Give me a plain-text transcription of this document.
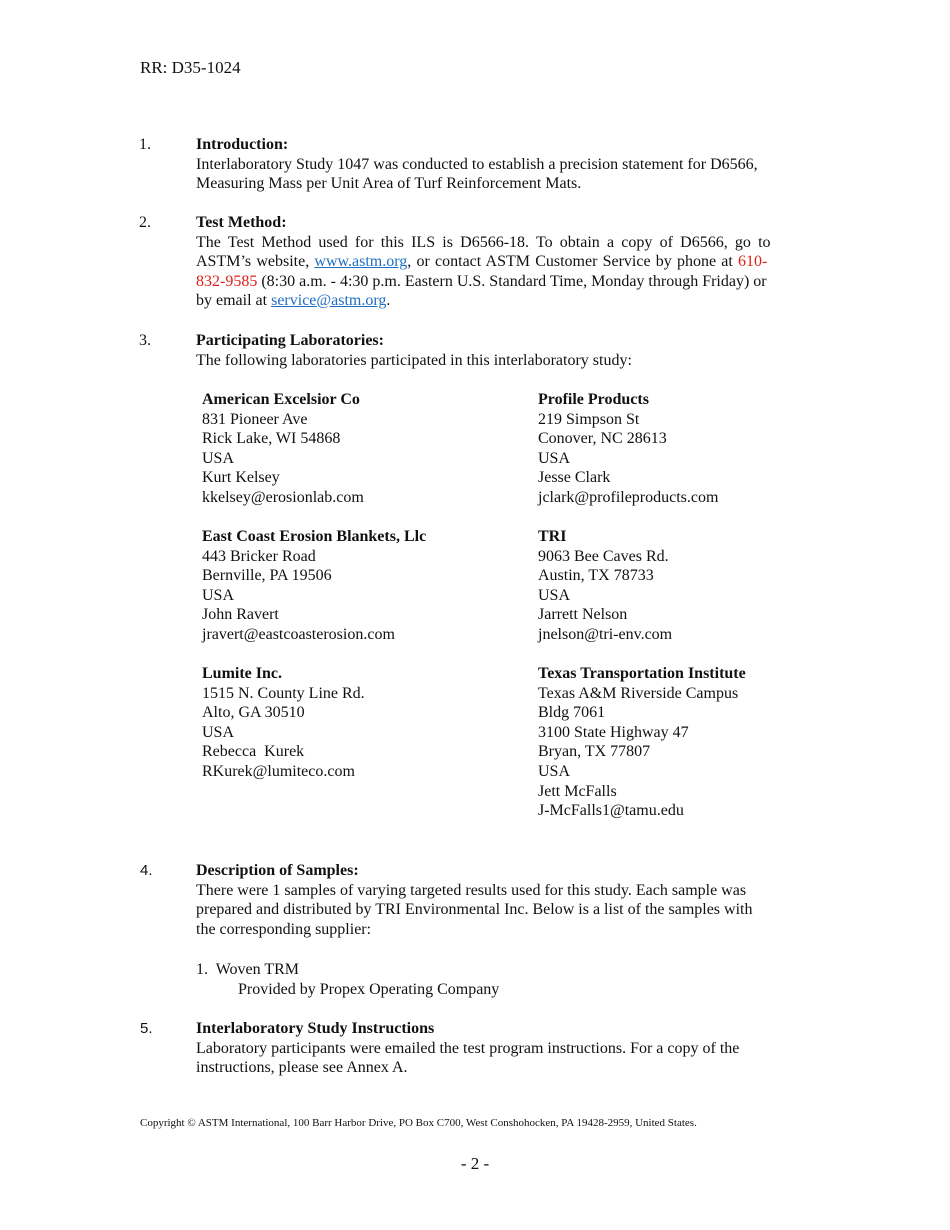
RR: D35-1024
1.	Introduction:
Interlaboratory Study 1047 was conducted to establish a precision statement for D6566,
Measuring Mass per Unit Area of Turf Reinforcement Mats.
2.	Test Method:
The Test Method used for this ILS is D6566-18. To obtain a copy of D6566, go to
ASTM’s website, www.astm.org, or contact ASTM Customer Service by phone at 610-
832-9585 (8:30 a.m. - 4:30 p.m. Eastern U.S. Standard Time, Monday through Friday) or
by email at service@astm.org.
3.	Participating Laboratories:
The following laboratories participated in this interlaboratory study:
American Excelsior Co
831 Pioneer Ave
Rick Lake, WI 54868
USA
Kurt Kelsey
kkelsey@erosionlab.com
Profile Products
219 Simpson St
Conover, NC 28613
USA
Jesse Clark
jclark@profileproducts.com
East Coast Erosion Blankets, Llc
443 Bricker Road
Bernville, PA 19506
USA
John Ravert
jravert@eastcoasterosion.com
TRI
9063 Bee Caves Rd.
Austin, TX 78733
USA
Jarrett Nelson
jnelson@tri-env.com
Lumite Inc.
1515 N. County Line Rd.
Alto, GA 30510
USA
Rebecca  Kurek
RKurek@lumiteco.com
Texas Transportation Institute
Texas A&M Riverside Campus
Bldg 7061
3100 State Highway 47
Bryan, TX 77807
USA
Jett McFalls
J-McFalls1@tamu.edu
4.	Description of Samples:
There were 1 samples of varying targeted results used for this study. Each sample was
prepared and distributed by TRI Environmental Inc. Below is a list of the samples with
the corresponding supplier:
1.  Woven TRM
Provided by Propex Operating Company
5.	Interlaboratory Study Instructions
Laboratory participants were emailed the test program instructions. For a copy of the
instructions, please see Annex A.
Copyright © ASTM International, 100 Barr Harbor Drive, PO Box C700, West Conshohocken, PA 19428-2959, United States.
- 2 -
